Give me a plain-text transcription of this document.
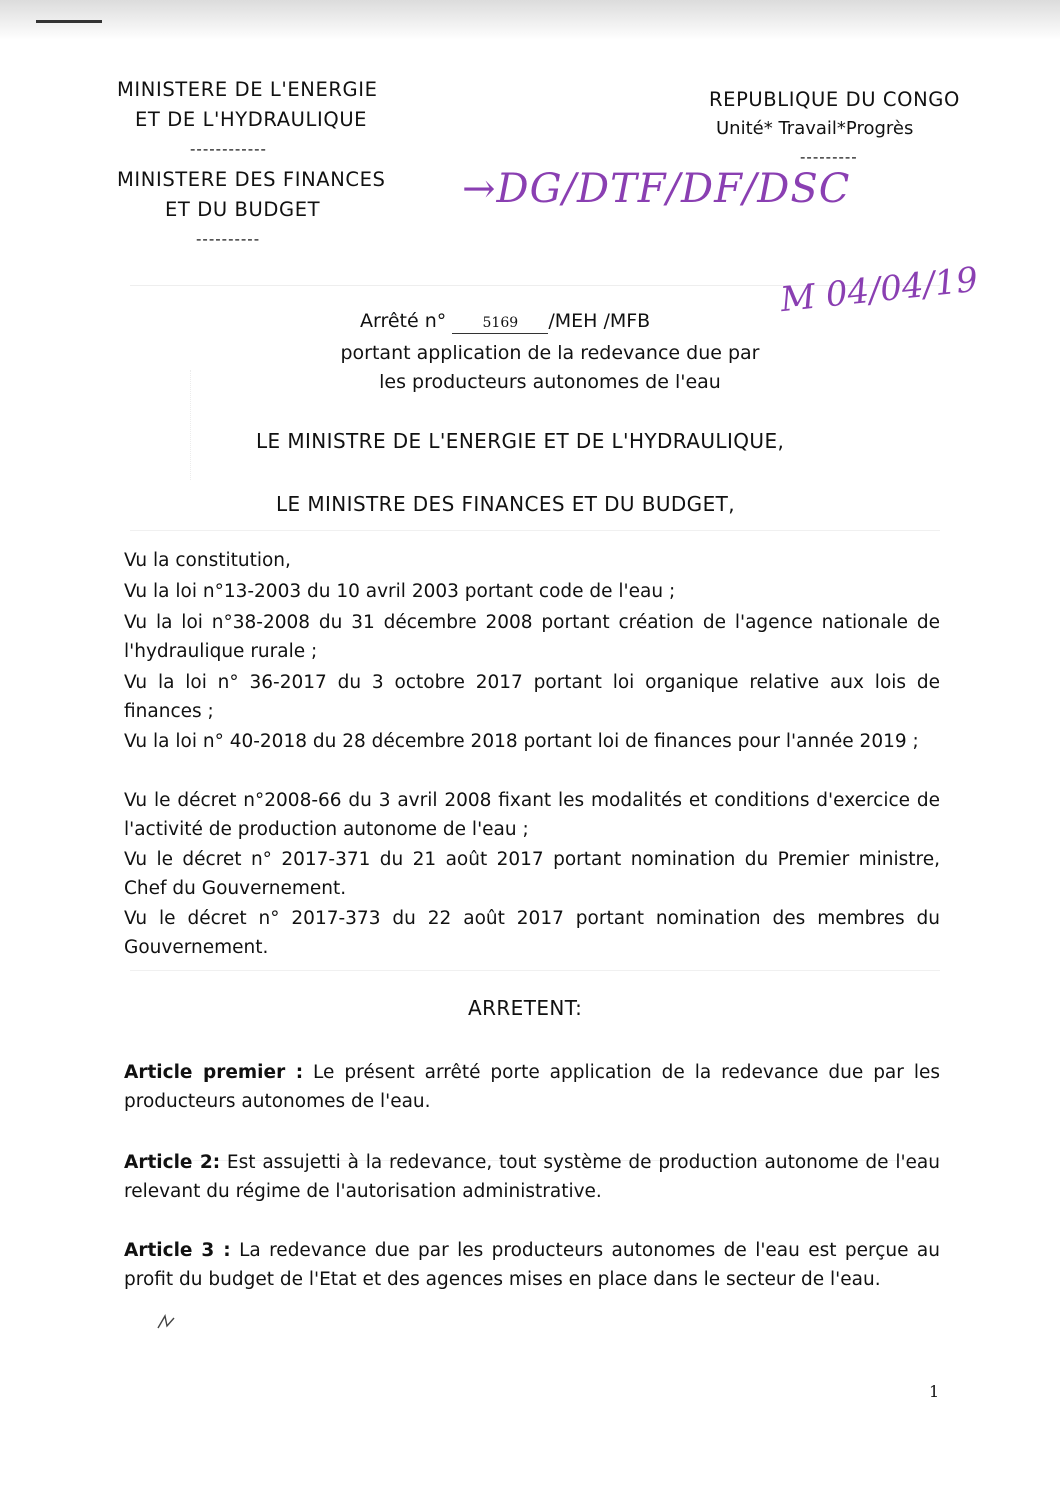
MINISTERE DE L'ENERGIE
ET DE L'HYDRAULIQUE
------------
MINISTERE DES FINANCES
ET DU BUDGET
----------
REPUBLIQUE DU CONGO
Unité* Travail*Progrès
---------
→DG/DTF/DF/DSC
M 04/04/19
Arrêté n°	5169 /MEH /MFB
portant application de la redevance due par
les producteurs autonomes de l'eau
LE MINISTRE DE L'ENERGIE ET DE L'HYDRAULIQUE,
LE MINISTRE DES FINANCES ET DU BUDGET,
Vu la constitution,
Vu la loi n°13-2003 du 10 avril 2003 portant code de l'eau ;
Vu la loi n°38-2008 du 31 décembre 2008 portant création de l'agence nationale de l'hydraulique rurale ;
Vu la loi n° 36-2017 du 3 octobre 2017 portant loi organique relative aux lois de finances ;
Vu la loi n° 40-2018 du 28 décembre 2018 portant loi de finances pour l'année 2019 ;
Vu le décret n°2008-66 du 3 avril 2008 fixant les modalités et conditions d'exercice de l'activité de production autonome de l'eau ;
Vu le décret n° 2017-371 du 21 août 2017 portant nomination du Premier ministre, Chef du Gouvernement.
Vu le décret n° 2017-373 du 22 août 2017 portant nomination des membres du Gouvernement.
ARRETENT:
Article premier : Le présent arrêté porte application de la redevance due par les producteurs autonomes de l'eau.
Article 2: Est assujetti à la redevance, tout système de production autonome de l'eau relevant du régime de l'autorisation administrative.
Article 3 : La redevance due par les producteurs autonomes de l'eau est perçue au profit du budget de l'Etat et des agences mises en place dans le secteur de l'eau.
1
